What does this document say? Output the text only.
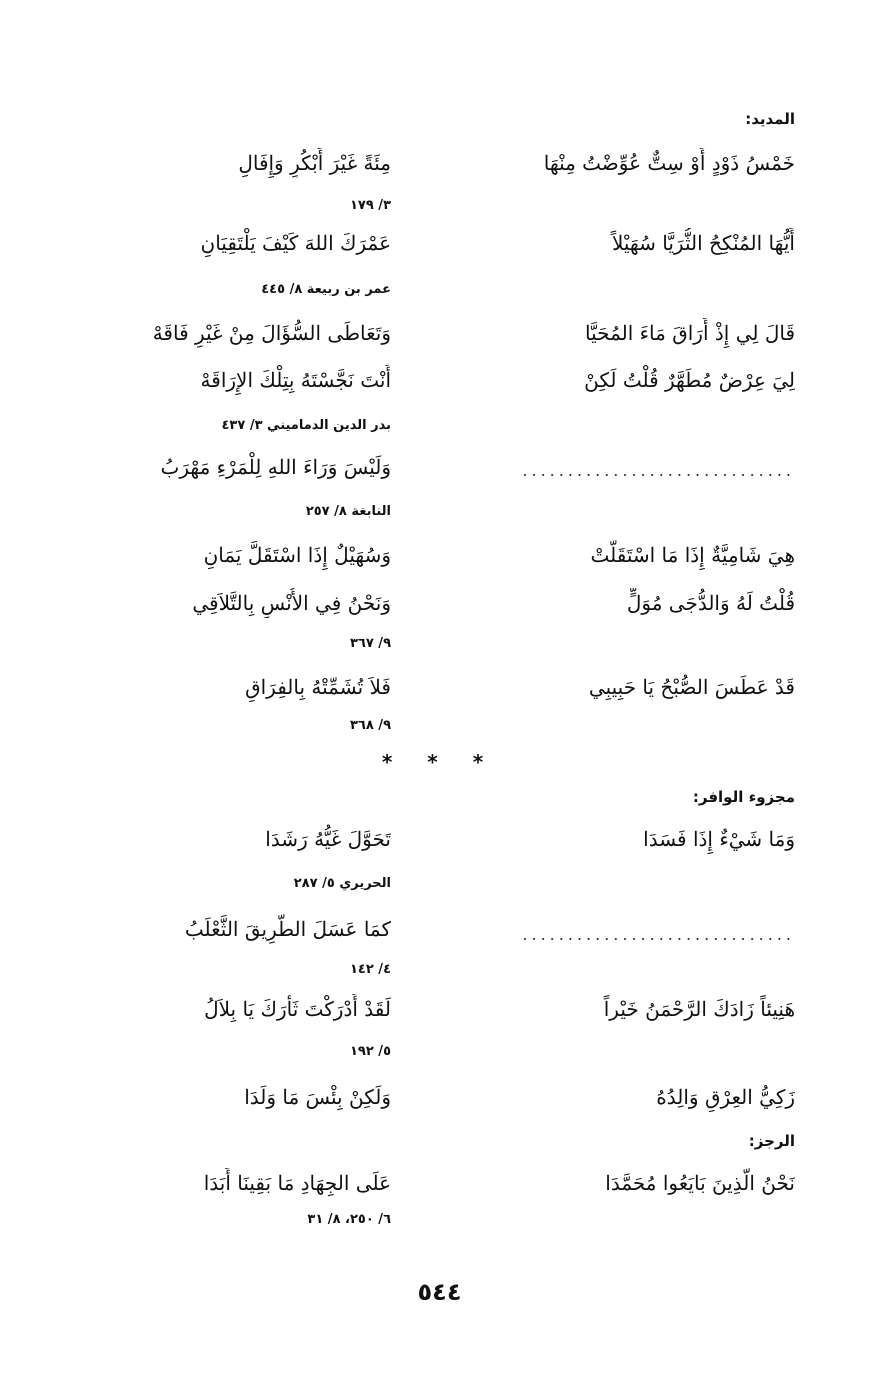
المديد:
خَمْسُ ذَوْدٍ أَوْ سِتٌّ عُوِّضْتُ مِنْهَا
مِئَةً غَيْرَ أَبْكُرٍ وَإِفَالِ
٣/ ١٧٩
أَيُّهَا المُنْكِحُ الثُّرَيَّا سُهَيْلاً
عَمْرَكَ اللهَ كَيْفَ يَلْتَقِيَانِ
عمر بن ربيعة ٨/ ٤٤٥
قَالَ لِي إِذْ أَرَاقَ مَاءَ المُحَيَّا
وَتَعَاطَى السُّؤَالَ مِنْ غَيْرِ فَاقَهْ
لِيَ عِرْضٌ مُطَهَّرٌ قُلْتُ لَكِنْ
أَنْتَ نَجَّسْتَهُ بِتِلْكَ الإِرَاقَهْ
بدر الدين الدماميني ٣/ ٤٣٧
..............................
وَلَيْسَ وَرَاءَ اللهِ لِلْمَرْءِ مَهْرَبُ
النابغة ٨/ ٢٥٧
هِيَ شَامِيَّةٌ إِذَا مَا اسْتَقَلَّتْ
وَسُهَيْلٌ إِذَا اسْتَقَلَّ يَمَانِ
قُلْتُ لَهُ وَالدُّجَى مُوَلٍّ
وَنَحْنُ فِي الأُنْسِ بِالتَّلاَقِي
٩/ ٣٦٧
قَدْ عَطَسَ الصُّبْحُ يَا حَبِيبِي
فَلاَ تُشَمِّتْهُ بِالفِرَاقِ
٩/ ٣٦٨
* * *
مجزوء الوافر:
وَمَا شَيْءٌ إِذَا فَسَدَا
تَحَوَّلَ غَيُّهُ رَشَدَا
الحريري ٥/ ٢٨٧
..............................
كمَا عَسَلَ الطَّرِيقَ الثَّعْلَبُ
٤/ ١٤٢
هَنِيئاً زَادَكَ الرَّحْمَنُ خَيْراً
لَقَدْ أَدْرَكْتَ ثَأْرَكَ يَا بِلاَلُ
٥/ ١٩٢
زَكِيُّ العِرْقِ وَالِدُهُ
وَلَكِنْ بِئْسَ مَا وَلَدَا
الرجز:
نَحْنُ الَّذِينَ بَايَعُوا مُحَمَّدَا
عَلَى الجِهَادِ مَا بَقِينَا أَبَدَا
٦/ ٢٥٠، ٨/ ٣١
٥٤٤
